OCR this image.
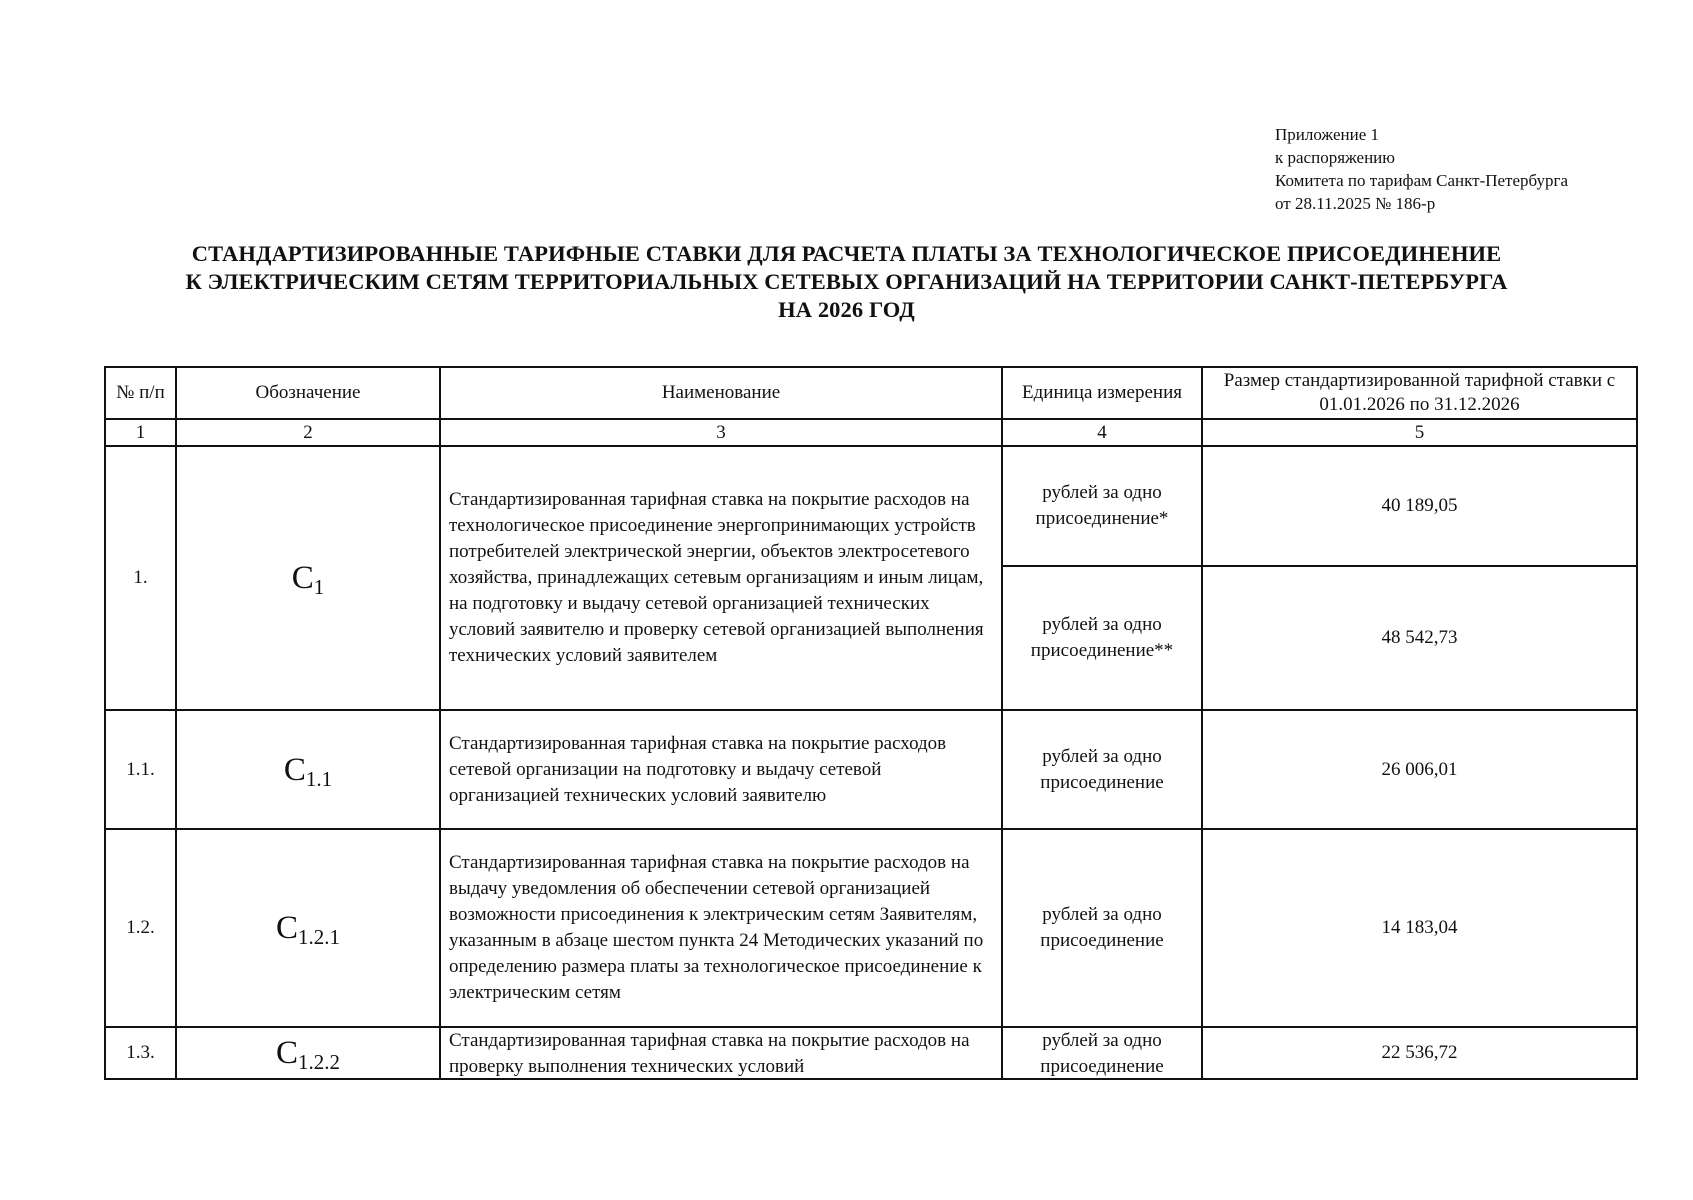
Приложение 1
к распоряжению
Комитета по тарифам Санкт-Петербурга
от 28.11.2025 № 186-р
СТАНДАРТИЗИРОВАННЫЕ ТАРИФНЫЕ СТАВКИ ДЛЯ РАСЧЕТА ПЛАТЫ ЗА ТЕХНОЛОГИЧЕСКОЕ ПРИСОЕДИНЕНИЕ
К ЭЛЕКТРИЧЕСКИМ СЕТЯМ ТЕРРИТОРИАЛЬНЫХ СЕТЕВЫХ ОРГАНИЗАЦИЙ НА ТЕРРИТОРИИ САНКТ-ПЕТЕРБУРГА
НА 2026 ГОД
№ п/п	Обозначение	Наименование	Единица измерения	Размер стандартизированной тарифной ставки с 01.01.2026 по 31.12.2026
1	2	3	4	5
1.	$С_1$	Стандартизированная тарифная ставка на покрытие расходов на технологическое присоединение энергопринимающих устройств потребителей электрической энергии, объектов электросетевого хозяйства, принадлежащих сетевым организациям и иным лицам, на подготовку и выдачу сетевой организацией технических условий заявителю и проверку сетевой организацией выполнения технических условий заявителем	рублей за одно присоединение*	40 189,05
			рублей за одно присоединение**	48 542,73
1.1.	$С_{1.1}$	Стандартизированная тарифная ставка на покрытие расходов сетевой организации на подготовку и выдачу сетевой организацией технических условий заявителю	рублей за одно присоединение	26 006,01
1.2.	$С_{1.2.1}$	Стандартизированная тарифная ставка на покрытие расходов на выдачу уведомления об обеспечении сетевой организацией возможности присоединения к электрическим сетям Заявителям, указанным в абзаце шестом пункта 24 Методических указаний по определению размера платы за технологическое присоединение к электрическим сетям	рублей за одно присоединение	14 183,04
1.3.	$С_{1.2.2}$	Стандартизированная тарифная ставка на покрытие расходов на проверку выполнения технических условий	рублей за одно присоединение	22 536,72
